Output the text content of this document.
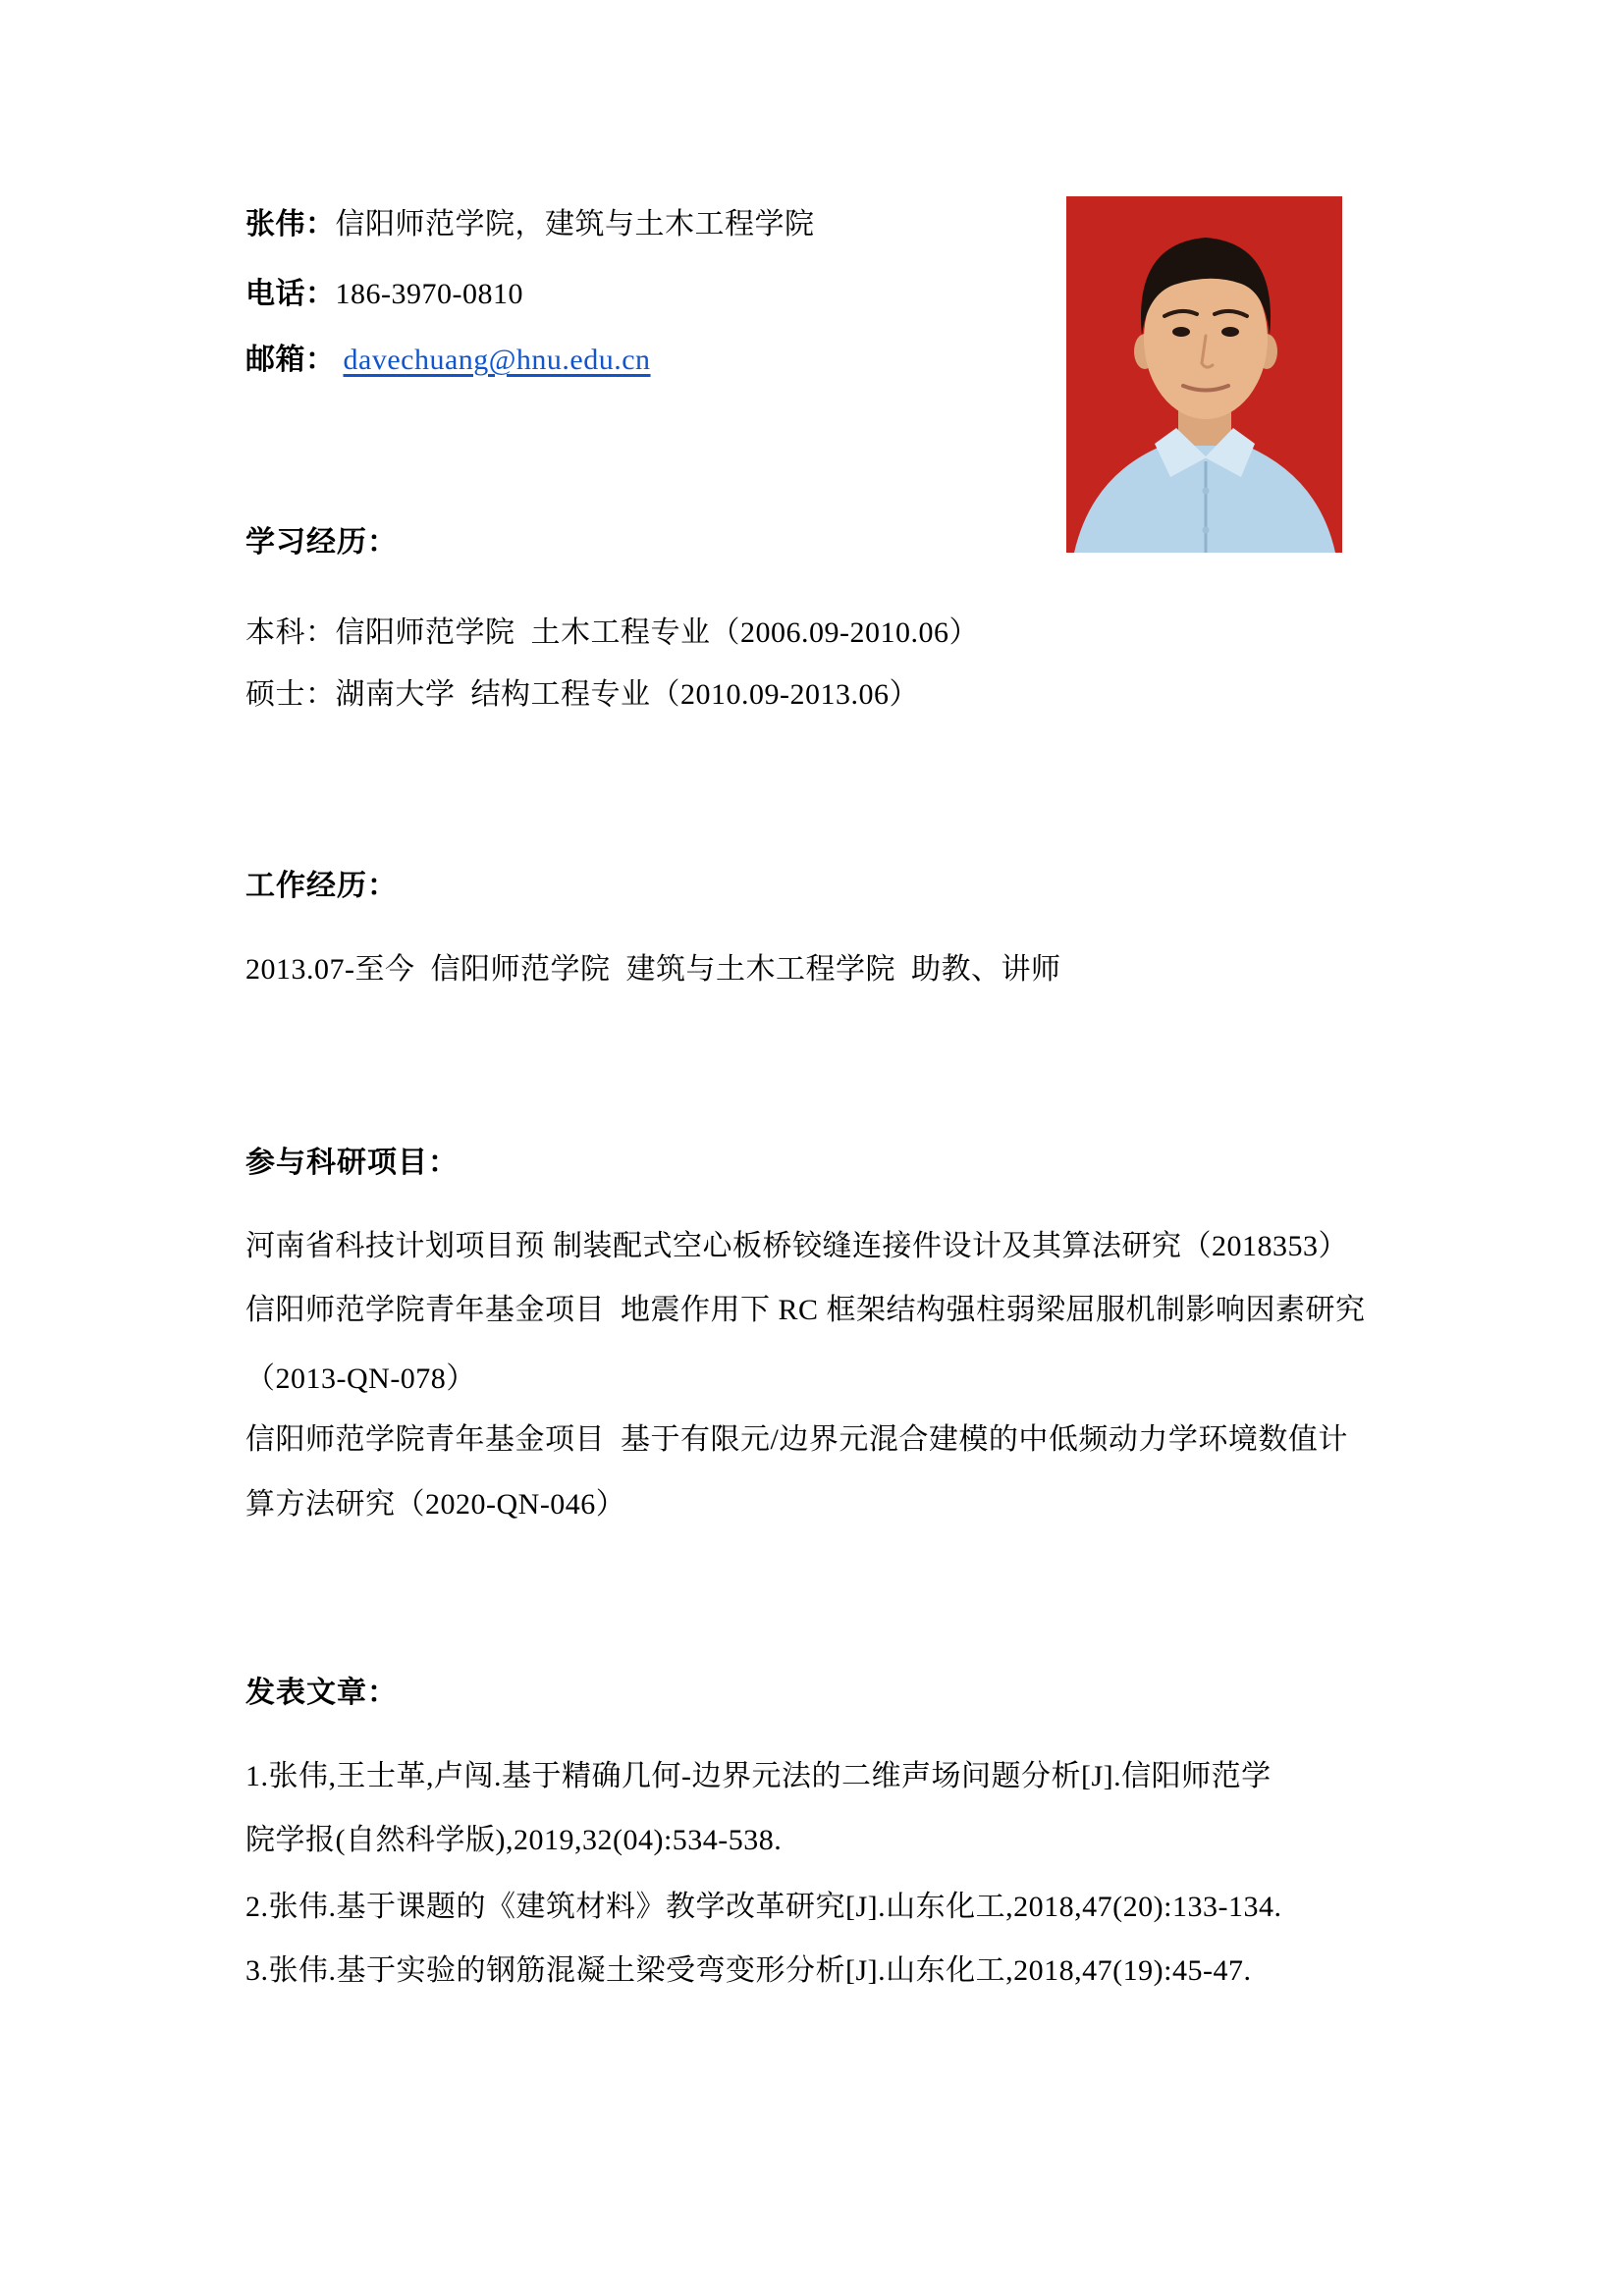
张伟：信阳师范学院，建筑与土木工程学院
电话：186-3970-0810
邮箱： davechuang@hnu.edu.cn
学习经历：
本科：信阳师范学院  土木工程专业（2006.09-2010.06）
硕士：湖南大学  结构工程专业（2010.09-2013.06）
工作经历：
2013.07-至今  信阳师范学院  建筑与土木工程学院  助教、讲师
参与科研项目：
河南省科技计划项目预 制装配式空心板桥铰缝连接件设计及其算法研究（2018353）
信阳师范学院青年基金项目  地震作用下 RC 框架结构强柱弱梁屈服机制影响因素研究
（2013-QN-078）
信阳师范学院青年基金项目  基于有限元/边界元混合建模的中低频动力学环境数值计
算方法研究（2020-QN-046）
发表文章：
1.张伟,王士革,卢闯.基于精确几何-边界元法的二维声场问题分析[J].信阳师范学
院学报(自然科学版),2019,32(04):534-538.
2.张伟.基于课题的《建筑材料》教学改革研究[J].山东化工,2018,47(20):133-134.
3.张伟.基于实验的钢筋混凝土梁受弯变形分析[J].山东化工,2018,47(19):45-47.
